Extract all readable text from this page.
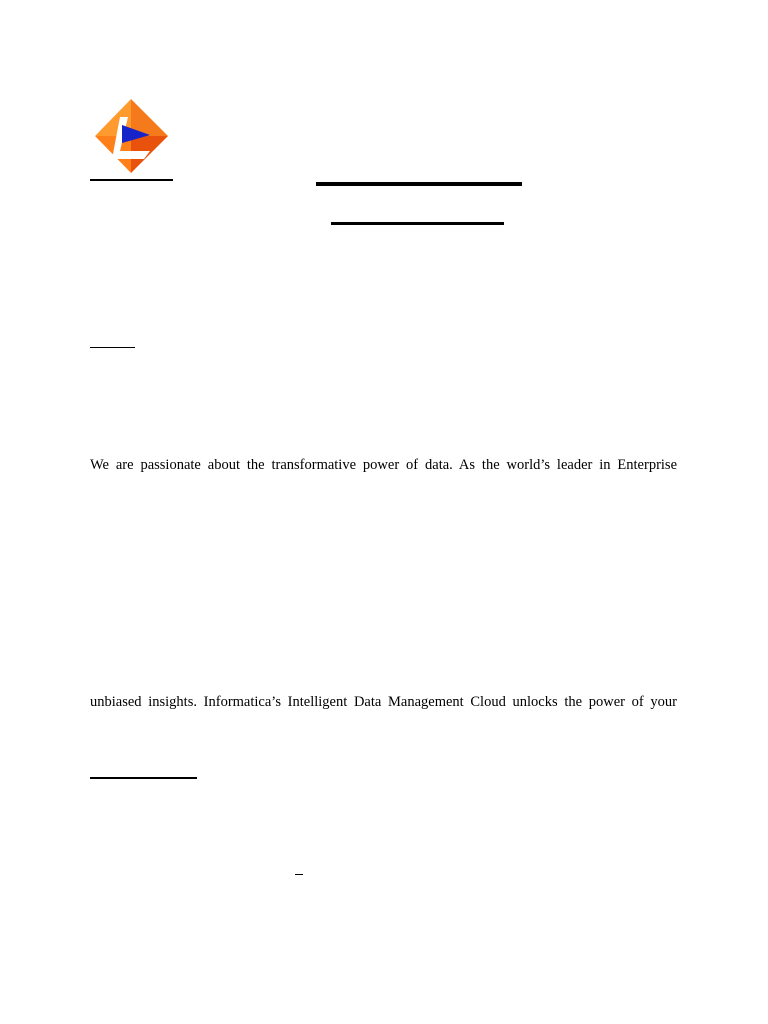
We are passionate about the transformative power of data. As the world’s leader in Enterprise
unbiased insights. Informatica’s Intelligent Data Management Cloud unlocks the power of your
